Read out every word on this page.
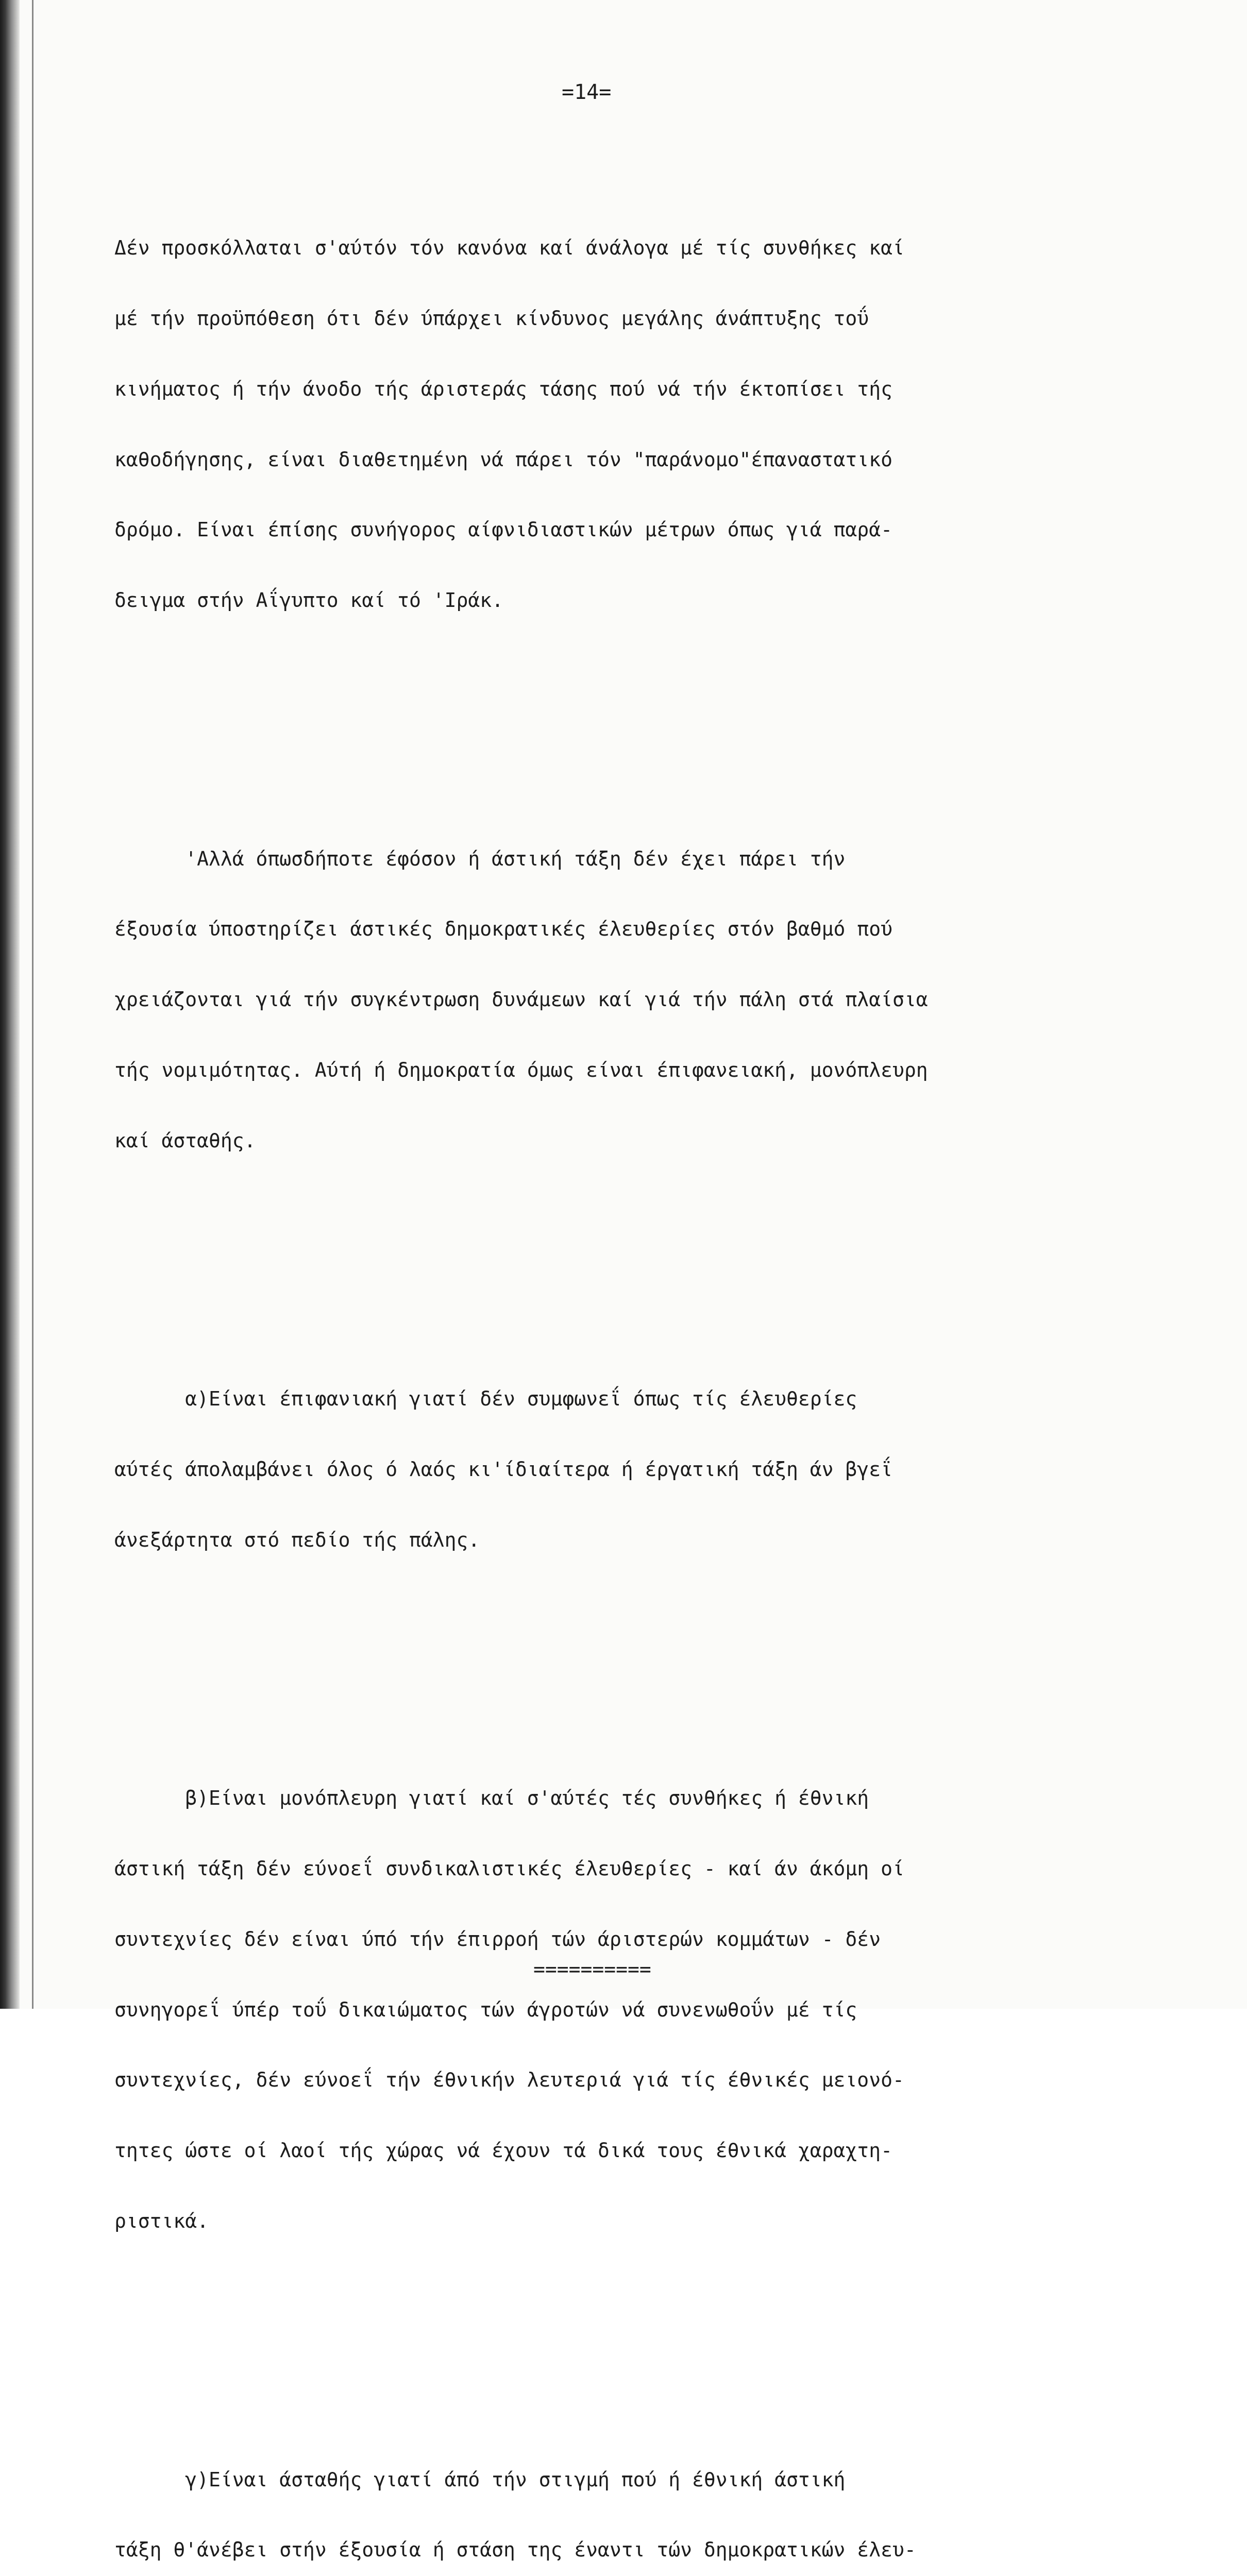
=14=

Δέν προσκόλλαται σ'αύτόν τόν κανόνα καί άνάλογα μέ τίς συνθήκες καί

μέ τήν προϋπόθεση ότι δέν ύπάρχει κίνδυνος μεγάλης άνάπτυξης τοΰ

κινήματος ή τήν άνοδο τής άριστεράς τάσης πού νά τήν έκτοπίσει τής

καθοδήγησης, είναι διαθετημένη νά πάρει τόν "παράνομο"έπαναστατικό

δρόμο. Είναι έπίσης συνήγορος αίφνιδιαστικών μέτρων όπως γιά παρά-

δειγμα στήν Αΐγυπτο καί τό 'Ιράκ.

'Αλλά όπωσδήποτε έφόσον ή άστική τάξη δέν έχει πάρει τήν

έξουσία ύποστηρίζει άστικές δημοκρατικές έλευθερίες στόν βαθμό πού

χρειάζονται γιά τήν συγκέντρωση δυνάμεων καί γιά τήν πάλη στά πλαίσια

τής νομιμότητας. Αύτή ή δημοκρατία όμως είναι έπιφανειακή, μονόπλευρη

καί άσταθής.

α)Είναι έπιφανιακή γιατί δέν συμφωνεΐ όπως τίς έλευθερίες

αύτές άπολαμβάνει όλος ό λαός κι'ίδιαίτερα ή έργατική τάξη άν βγεΐ

άνεξάρτητα στό πεδίο τής πάλης.

β)Είναι μονόπλευρη γιατί καί σ'αύτές τές συνθήκες ή έθνική

άστική τάξη δέν εύνοεΐ συνδικαλιστικές έλευθερίες - καί άν άκόμη οί

συντεχνίες δέν είναι ύπό τήν έπιρροή τών άριστερών κομμάτων - δέν

συνηγορεΐ ύπέρ τοΰ δικαιώματος τών άγροτών νά συνενωθοΰν μέ τίς

συντεχνίες, δέν εύνοεΐ τήν έθνικήν λευτεριά γιά τίς έθνικές μειονό-

τητες ώστε οί λαοί τής χώρας νά έχουν τά δικά τους έθνικά χαραχτη-

ριστικά.

γ)Είναι άσταθής γιατί άπό τήν στιγμή πού ή έθνική άστική

τάξη θ'άνέβει στήν έξουσία ή στάση της έναντι τών δημοκρατικών έλευ-

==========
